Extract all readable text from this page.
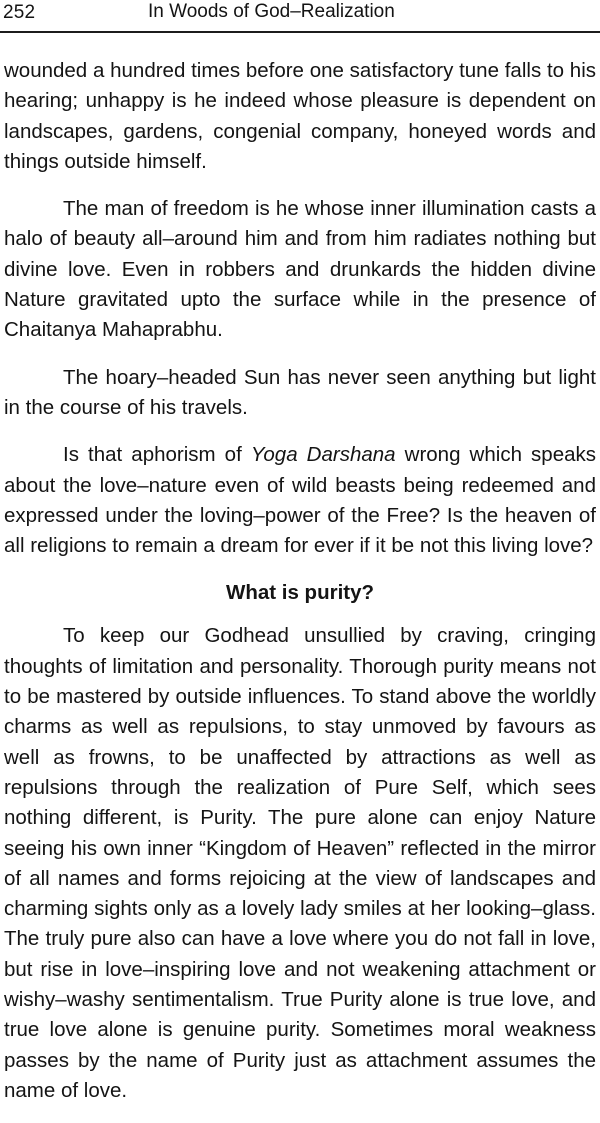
252	In Woods of God–Realization

wounded a hundred times before one satisfactory tune falls to his hearing; unhappy is he indeed whose pleasure is dependent on landscapes, gardens, congenial company, honeyed words and things outside himself.

The man of freedom is he whose inner illumination casts a halo of beauty all–around him and from him radiates nothing but divine love. Even in robbers and drunkards the hidden divine Nature gravitated upto the surface while in the presence of Chaitanya Mahaprabhu.

The hoary–headed Sun has never seen anything but light in the course of his travels.

Is that aphorism of Yoga Darshana wrong which speaks about the love–nature even of wild beasts being redeemed and expressed under the loving–power of the Free? Is the heaven of all religions to remain a dream for ever if it be not this living love?

What is purity?

To keep our Godhead unsullied by craving, cringing thoughts of limitation and personality. Thorough purity means not to be mastered by outside influences. To stand above the worldly charms as well as repulsions, to stay unmoved by favours as well as frowns, to be unaffected by attractions as well as repulsions through the realization of Pure Self, which sees nothing different, is Purity. The pure alone can enjoy Nature seeing his own inner “Kingdom of Heaven” reflected in the mirror of all names and forms rejoicing at the view of landscapes and charming sights only as a lovely lady smiles at her looking–glass. The truly pure also can have a love where you do not fall in love, but rise in love–inspiring love and not weakening attachment or wishy–washy sentimentalism. True Purity alone is true love, and true love alone is genuine purity. Sometimes moral weakness passes by the name of Purity just as attachment assumes the name of love.
